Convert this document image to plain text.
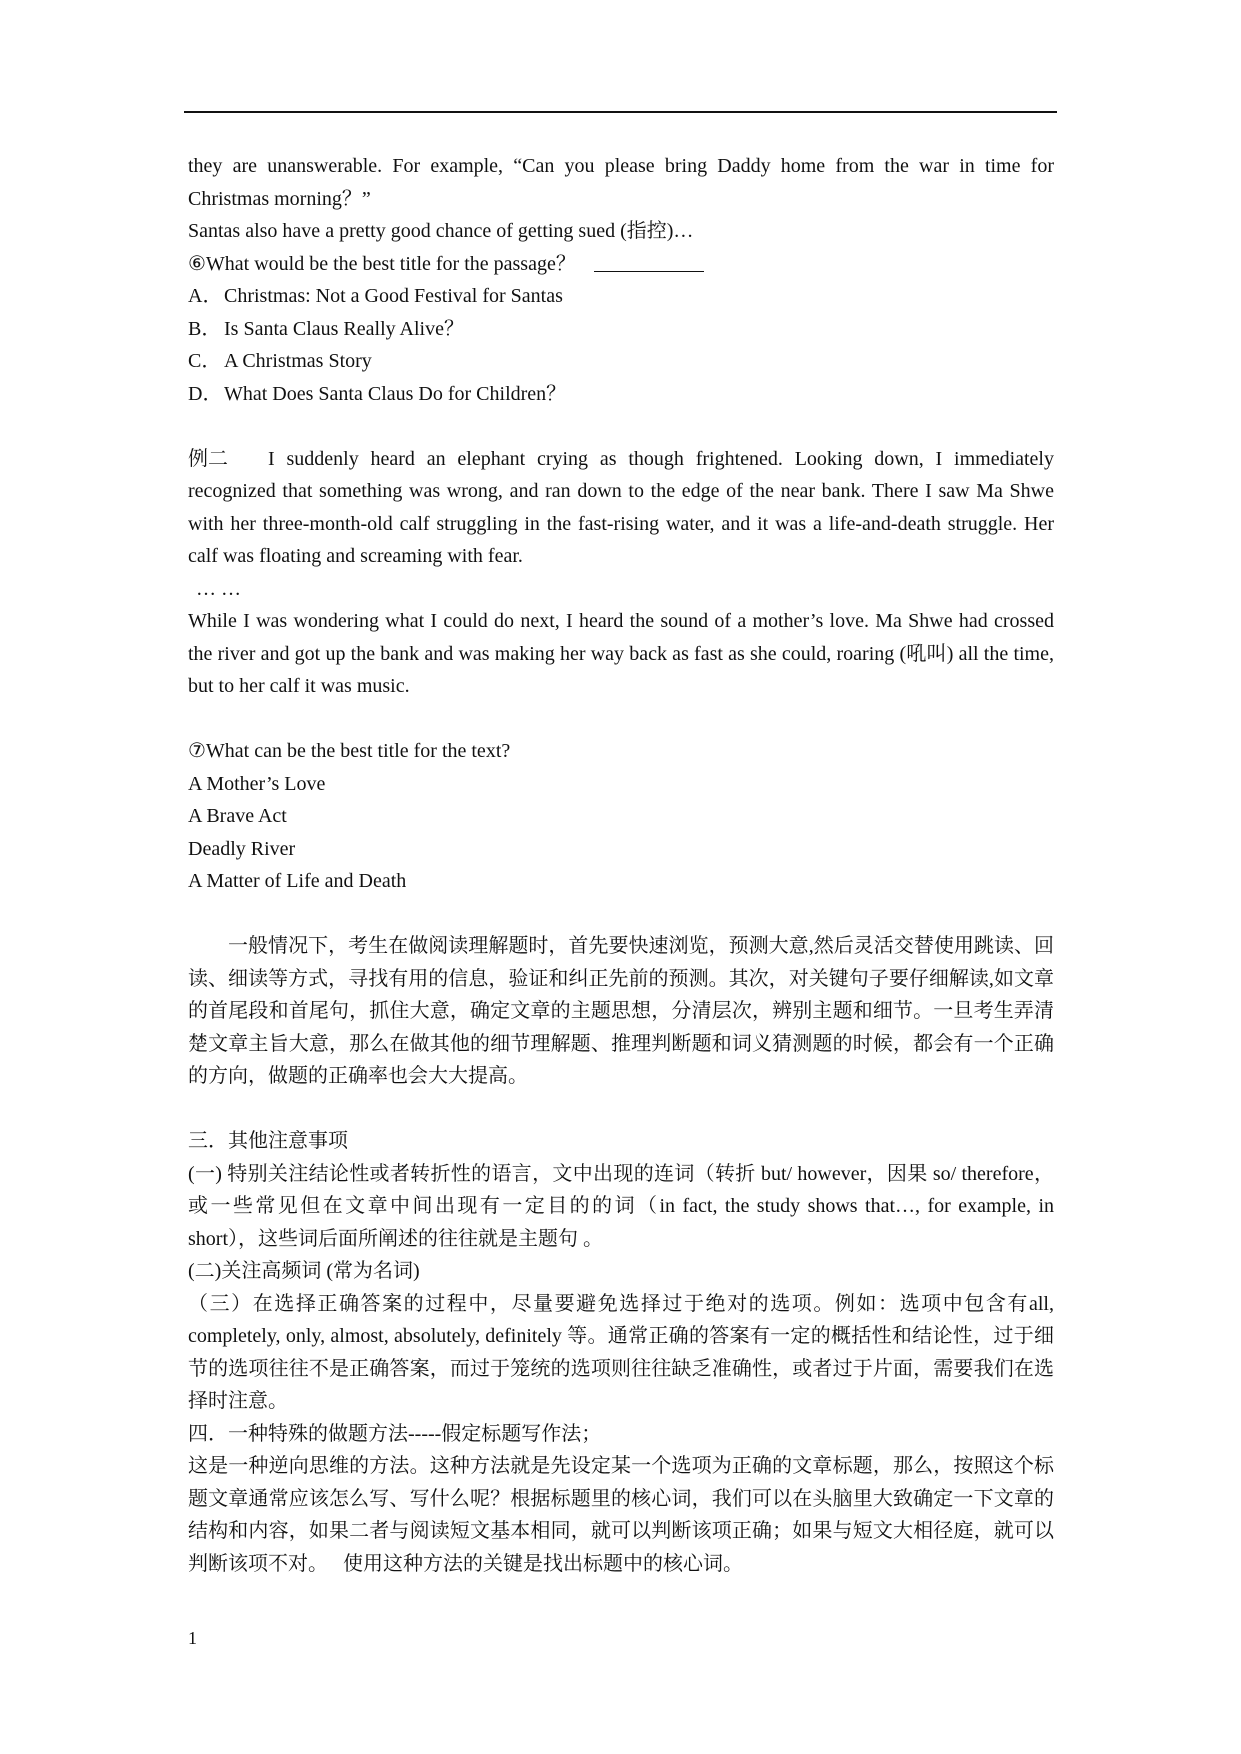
they are unanswerable. For example, “Can you please bring Daddy home from the war in time for Christmas morning？”

Santas also have a pretty good chance of getting sued (指控)…

⑥What would be the best title for the passage？

A．Christmas: Not a Good Festival for Santas

B． Is Santa Claus Really Alive？

C． A Christmas Story

D．What Does Santa Claus Do for Children？

例二 I suddenly heard an elephant crying as though frightened. Looking down, I immediately recognized that something was wrong, and ran down to the edge of the near bank. There I saw Ma Shwe with her three-month-old calf struggling in the fast-rising water, and it was a life-and-death struggle. Her calf was floating and screaming with fear.

… …

While I was wondering what I could do next, I heard the sound of a mother’s love. Ma Shwe had crossed the river and got up the bank and was making her way back as fast as she could, roaring (吼叫) all the time, but to her calf it was music.

⑦What can be the best title for the text?

A Mother’s Love

A Brave Act

Deadly River

A Matter of Life and Death

一般情况下，考生在做阅读理解题时，首先要快速浏览，预测大意,然后灵活交替使用跳读、回读、细读等方式，寻找有用的信息，验证和纠正先前的预测。其次，对关键句子要仔细解读,如文章的首尾段和首尾句，抓住大意，确定文章的主题思想，分清层次，辨别主题和细节。一旦考生弄清楚文章主旨大意，那么在做其他的细节理解题、推理判断题和词义猜测题的时候，都会有一个正确的方向，做题的正确率也会大大提高。

三．其他注意事项

(一) 特别关注结论性或者转折性的语言，文中出现的连词（转折 but/ however，因果 so/ therefore，或一些常见但在文章中间出现有一定目的的词（in fact, the study shows that…, for example, in short），这些词后面所阐述的往往就是主题句 。

(二)关注高频词 (常为名词)

（三）在选择正确答案的过程中，尽量要避免选择过于绝对的选项。例如：选项中包含有all, completely, only, almost, absolutely, definitely 等。通常正确的答案有一定的概括性和结论性，过于细节的选项往往不是正确答案，而过于笼统的选项则往往缺乏准确性，或者过于片面，需要我们在选择时注意。

四．一种特殊的做题方法-----假定标题写作法；

这是一种逆向思维的方法。这种方法就是先设定某一个选项为正确的文章标题，那么，按照这个标题文章通常应该怎么写、写什么呢？根据标题里的核心词，我们可以在头脑里大致确定一下文章的结构和内容，如果二者与阅读短文基本相同，就可以判断该项正确；如果与短文大相径庭，就可以判断该项不对。　 使用这种方法的关键是找出标题中的核心词。

1
